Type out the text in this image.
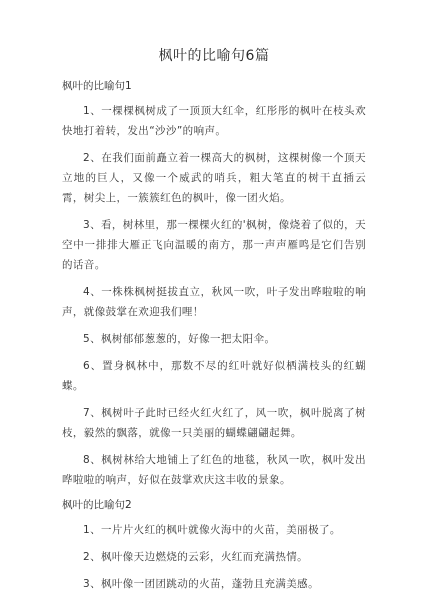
枫叶的比喻句6篇
枫叶的比喻句1

1、一棵棵枫树成了一顶顶大红伞，红彤彤的枫叶在枝头欢快地打着转，发出“沙沙”的响声。

2、在我们面前矗立着一棵高大的枫树，这棵树像一个顶天立地的巨人，又像一个威武的哨兵，粗大笔直的树干直插云霄，树尖上，一簇簇红色的枫叶，像一团火焰。

3、看，树林里，那一棵棵火红的'枫树，像烧着了似的，天空中一排排大雁正飞向温暖的南方，那一声声雁鸣是它们告别的话音。

4、一株株枫树挺拔直立，秋风一吹，叶子发出哗啦啦的响声，就像鼓掌在欢迎我们哩！

5、枫树郁郁葱葱的，好像一把太阳伞。

6、置身枫林中，那数不尽的红叶就好似栖满枝头的红蝴蝶。

7、枫树叶子此时已经火红火红了，风一吹，枫叶脱离了树枝，毅然的飘落，就像一只美丽的蝴蝶翩翩起舞。

8、枫树林给大地铺上了红色的地毯，秋风一吹，枫叶发出哗啦啦的响声，好似在鼓掌欢庆这丰收的景象。

枫叶的比喻句2

1、一片片火红的枫叶就像火海中的火苗，美丽极了。

2、枫叶像天边燃烧的云彩，火红而充满热情。

3、枫叶像一团团跳动的火苗，蓬勃且充满美感。
